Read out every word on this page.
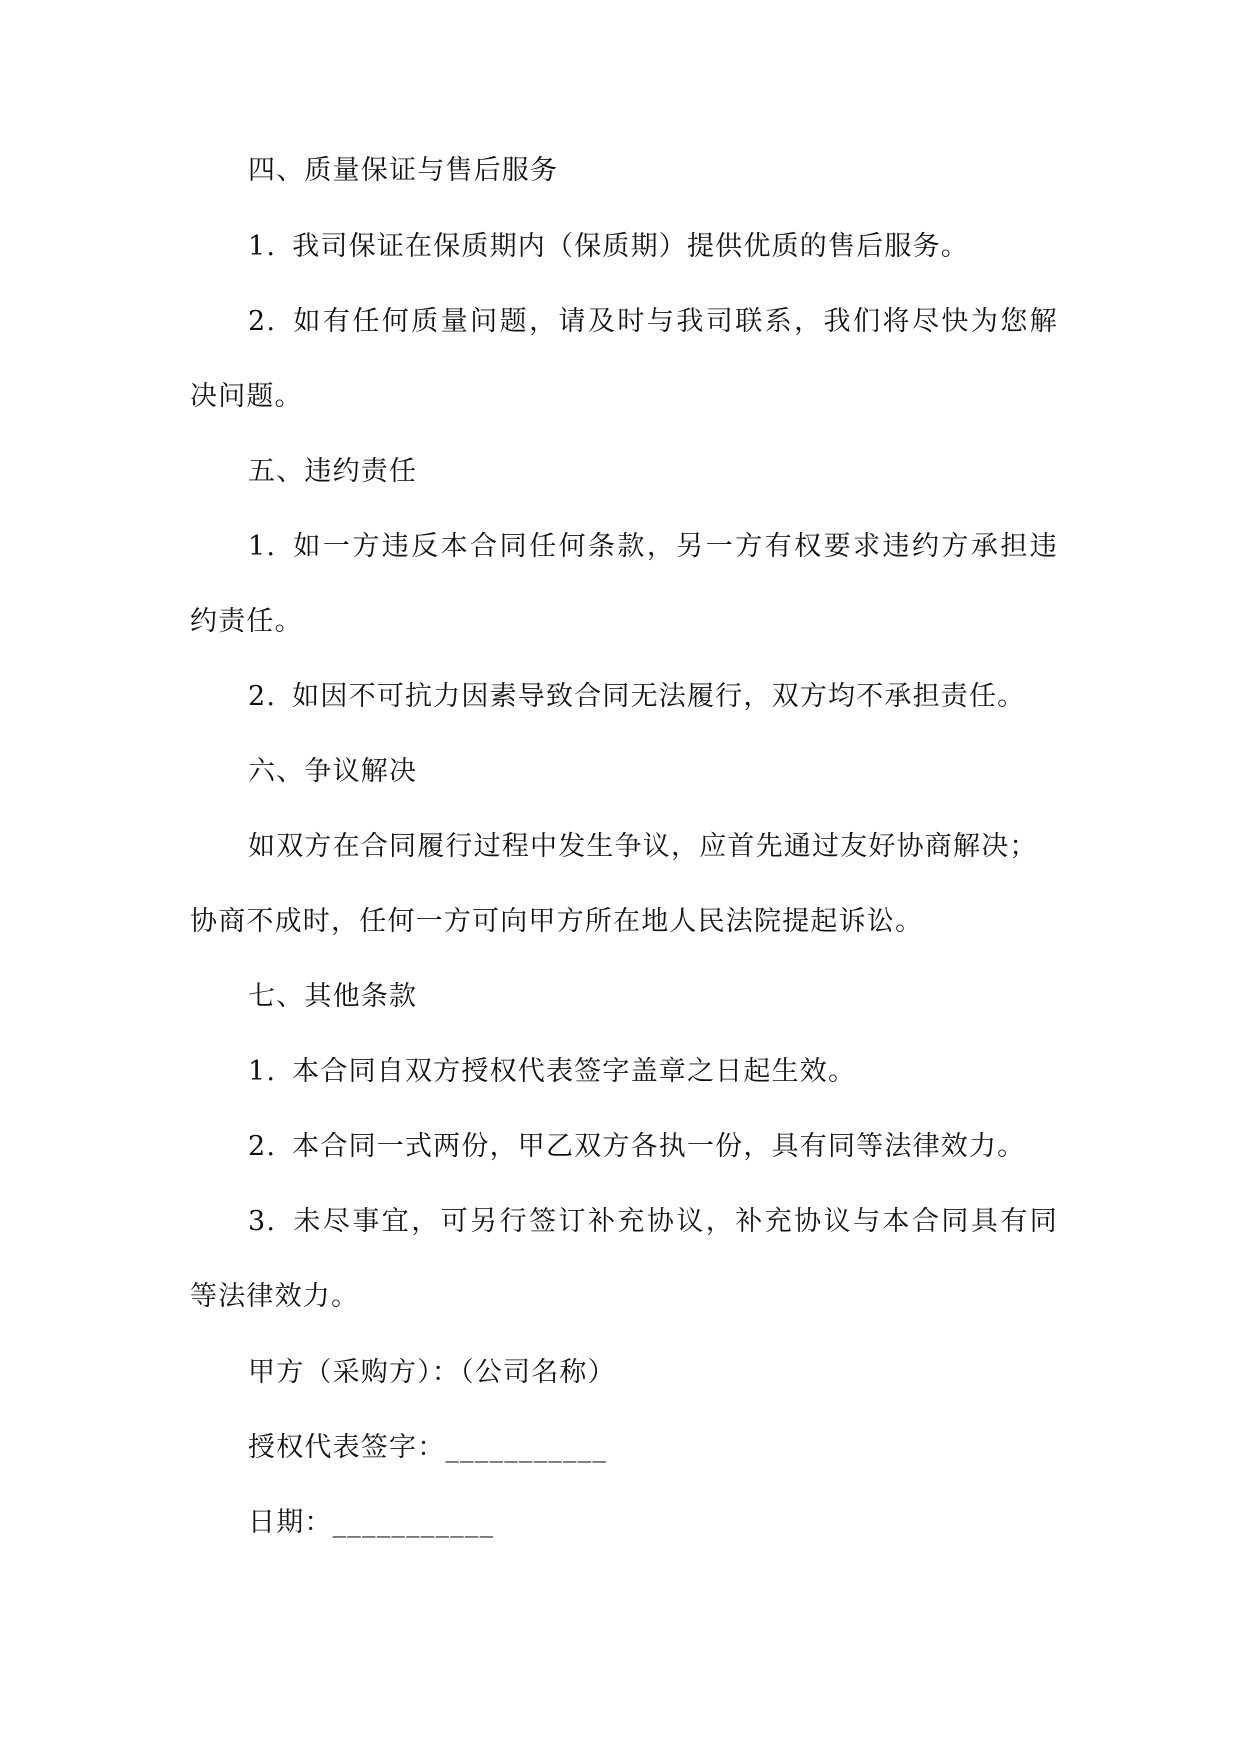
四、质量保证与售后服务
1. 我司保证在保质期内（保质期）提供优质的售后服务。
2. 如有任何质量问题，请及时与我司联系，我们将尽快为您解
决问题。
五、违约责任
1. 如一方违反本合同任何条款，另一方有权要求违约方承担违
约责任。
2. 如因不可抗力因素导致合同无法履行，双方均不承担责任。
六、争议解决
如双方在合同履行过程中发生争议，应首先通过友好协商解决；
协商不成时，任何一方可向甲方所在地人民法院提起诉讼。
七、其他条款
1. 本合同自双方授权代表签字盖章之日起生效。
2. 本合同一式两份，甲乙双方各执一份，具有同等法律效力。
3. 未尽事宜，可另行签订补充协议，补充协议与本合同具有同
等法律效力。
甲方（采购方）：（公司名称）
授权代表签字：___________
日期：___________
